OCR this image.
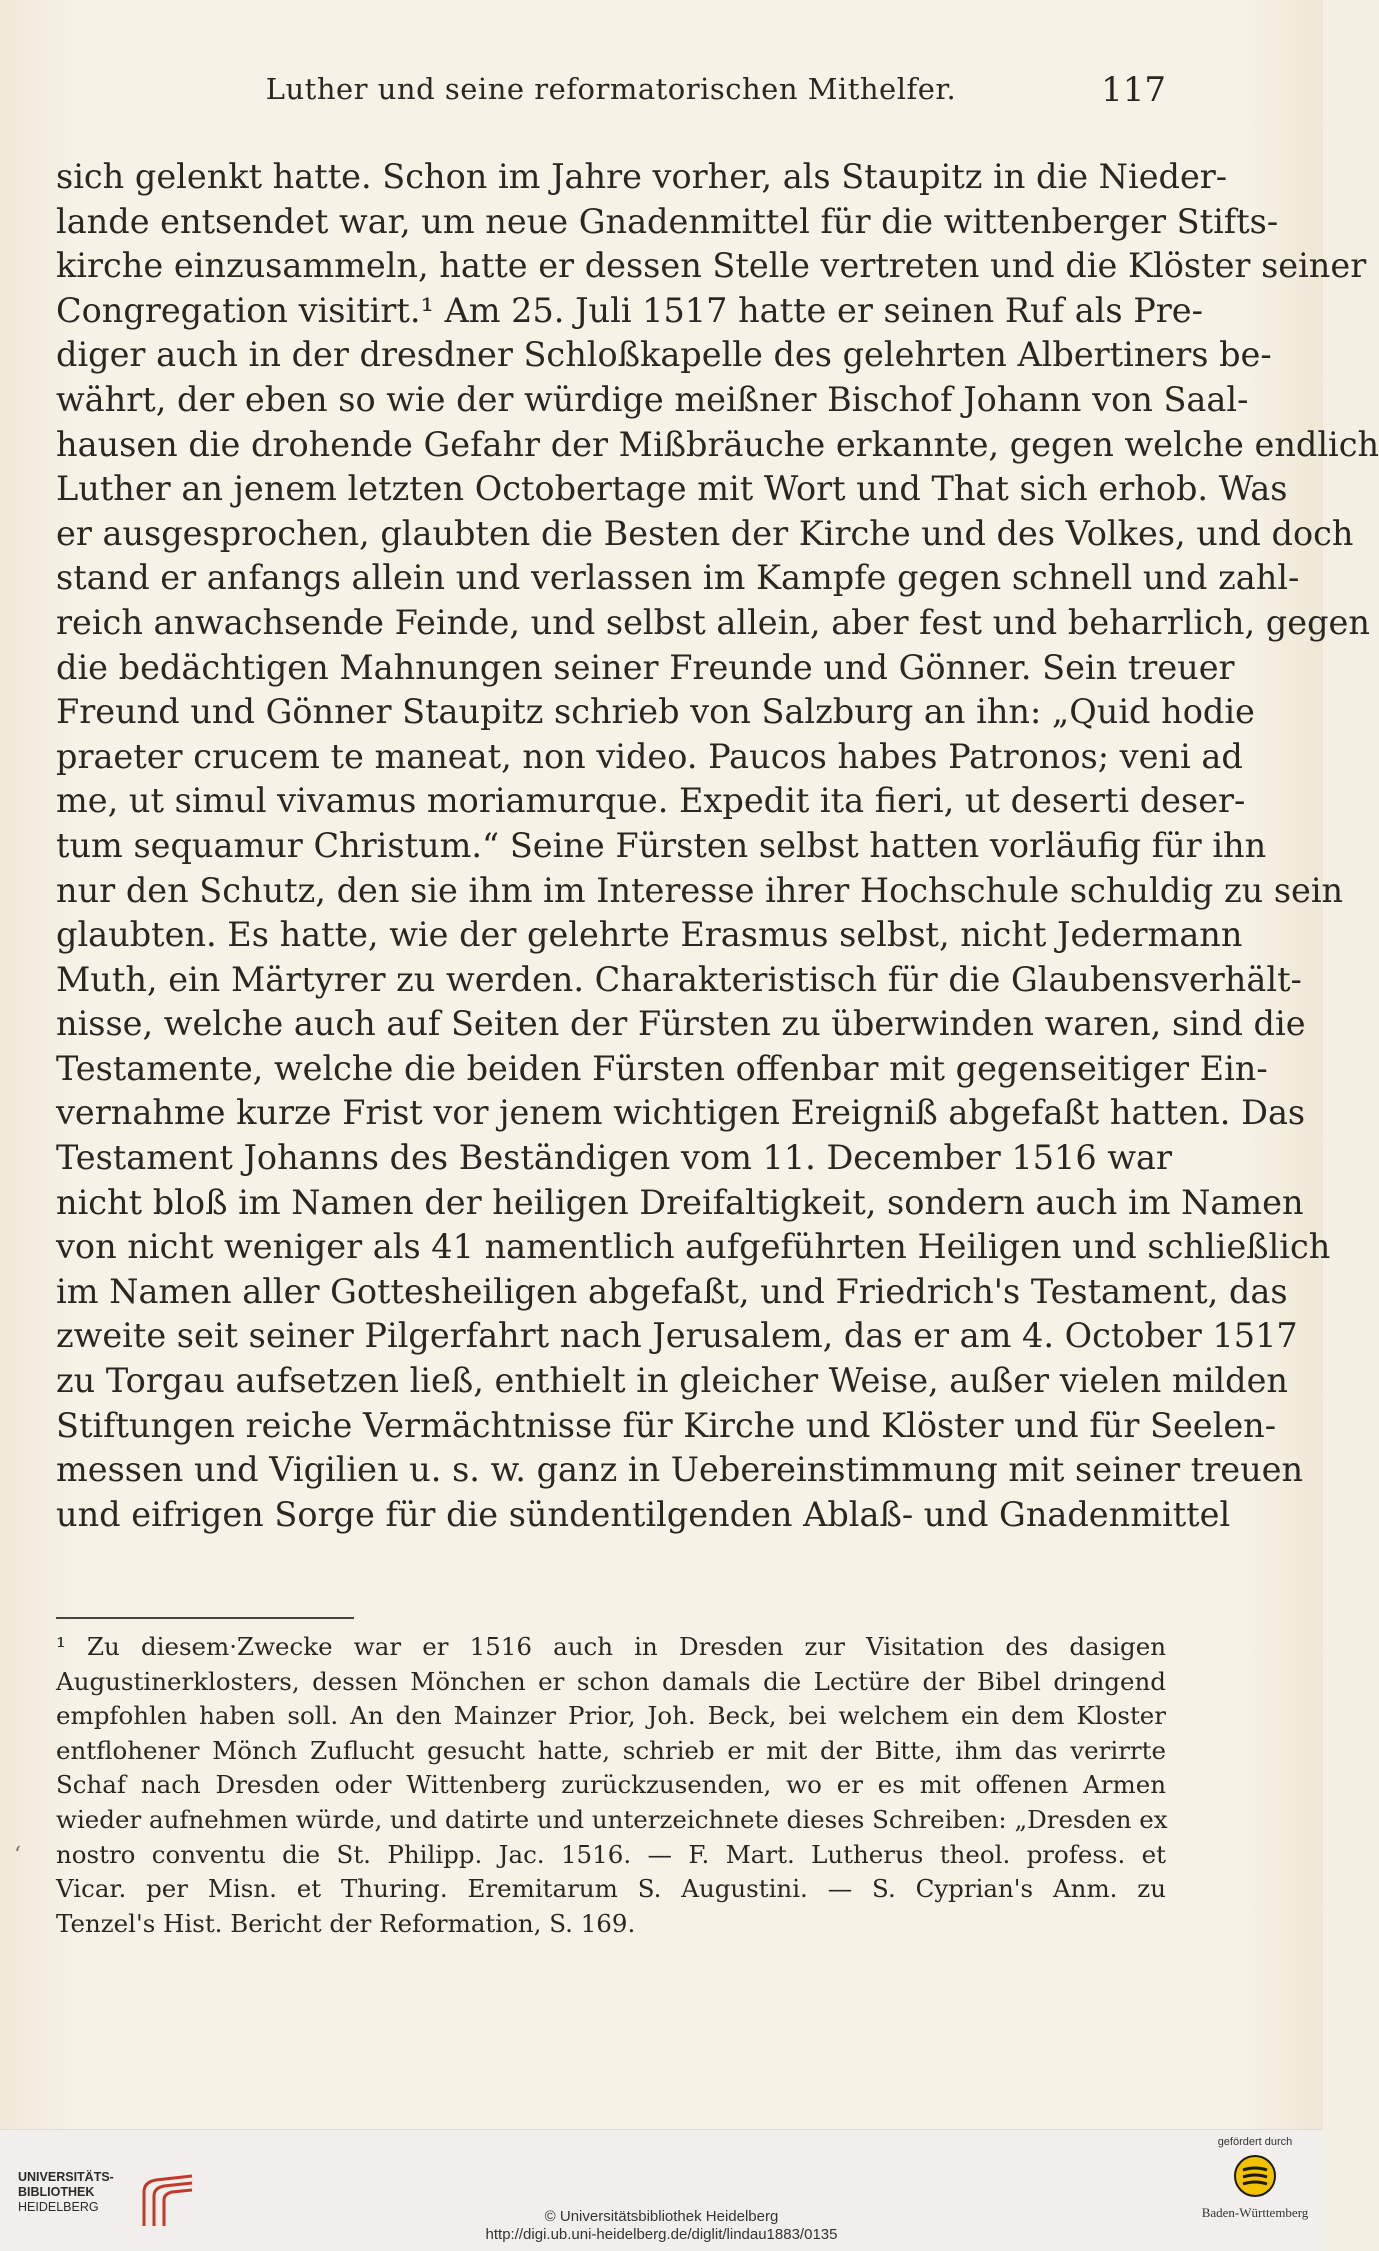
Luther und seine reformatorischen Mithelfer.	117
sich gelenkt hatte. Schon im Jahre vorher, als Staupitz in die Nieder-
lande entsendet war, um neue Gnadenmittel für die wittenberger Stifts-
kirche einzusammeln, hatte er dessen Stelle vertreten und die Klöster seiner
Congregation visitirt.¹ Am 25. Juli 1517 hatte er seinen Ruf als Pre-
diger auch in der dresdner Schloßkapelle des gelehrten Albertiners be-
währt, der eben so wie der würdige meißner Bischof Johann von Saal-
hausen die drohende Gefahr der Mißbräuche erkannte, gegen welche endlich
Luther an jenem letzten Octobertage mit Wort und That sich erhob. Was
er ausgesprochen, glaubten die Besten der Kirche und des Volkes, und doch
stand er anfangs allein und verlassen im Kampfe gegen schnell und zahl-
reich anwachsende Feinde, und selbst allein, aber fest und beharrlich, gegen
die bedächtigen Mahnungen seiner Freunde und Gönner. Sein treuer
Freund und Gönner Staupitz schrieb von Salzburg an ihn: „Quid hodie
praeter crucem te maneat, non video. Paucos habes Patronos; veni ad
me, ut simul vivamus moriamurque. Expedit ita fieri, ut deserti deser-
tum sequamur Christum.“ Seine Fürsten selbst hatten vorläufig für ihn
nur den Schutz, den sie ihm im Interesse ihrer Hochschule schuldig zu sein
glaubten. Es hatte, wie der gelehrte Erasmus selbst, nicht Jedermann
Muth, ein Märtyrer zu werden. Charakteristisch für die Glaubensverhält-
nisse, welche auch auf Seiten der Fürsten zu überwinden waren, sind die
Testamente, welche die beiden Fürsten offenbar mit gegenseitiger Ein-
vernahme kurze Frist vor jenem wichtigen Ereigniß abgefaßt hatten. Das
Testament Johanns des Beständigen vom 11. December 1516 war
nicht bloß im Namen der heiligen Dreifaltigkeit, sondern auch im Namen
von nicht weniger als 41 namentlich aufgeführten Heiligen und schließlich
im Namen aller Gottesheiligen abgefaßt, und Friedrich's Testament, das
zweite seit seiner Pilgerfahrt nach Jerusalem, das er am 4. October 1517
zu Torgau aufsetzen ließ, enthielt in gleicher Weise, außer vielen milden
Stiftungen reiche Vermächtnisse für Kirche und Klöster und für Seelen-
messen und Vigilien u. s. w. ganz in Uebereinstimmung mit seiner treuen
und eifrigen Sorge für die sündentilgenden Ablaß- und Gnadenmittel
¹ Zu diesem·Zwecke war er 1516 auch in Dresden zur Visitation des dasigen
Augustinerklosters, dessen Mönchen er schon damals die Lectüre der Bibel dringend
empfohlen haben soll. An den Mainzer Prior, Joh. Beck, bei welchem ein dem Kloster
entflohener Mönch Zuflucht gesucht hatte, schrieb er mit der Bitte, ihm das verirrte
Schaf nach Dresden oder Wittenberg zurückzusenden, wo er es mit offenen Armen
wieder aufnehmen würde, und datirte und unterzeichnete dieses Schreiben: „Dresden ex
nostro conventu die St. Philipp. Jac. 1516. — F. Mart. Lutherus theol. profess. et
Vicar. per Misn. et Thuring. Eremitarum S. Augustini. — S. Cyprian's Anm. zu
Tenzel's Hist. Bericht der Reformation, S. 169.
‘
UNIVERSITÄTS-
BIBLIOTHEK
HEIDELBERG
© Universitätsbibliothek Heidelberg
http://digi.ub.uni-heidelberg.de/diglit/lindau1883/0135
gefördert durch
Baden-Württemberg
